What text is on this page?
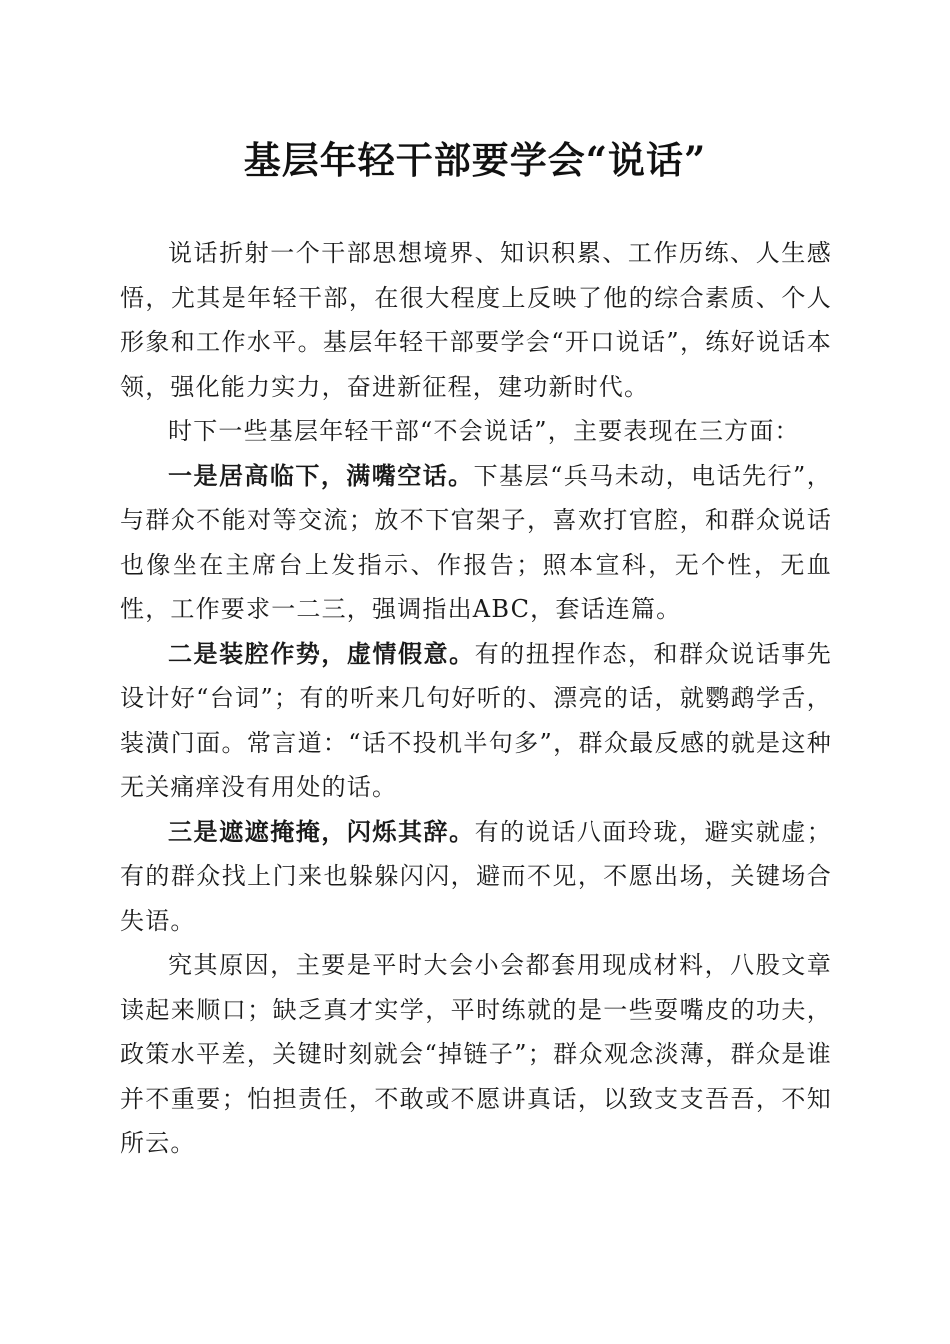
基层年轻干部要学会“说话”

说话折射一个干部思想境界、知识积累、工作历练、人生感悟，尤其是年轻干部，在很大程度上反映了他的综合素质、个人形象和工作水平。基层年轻干部要学会“开口说话”，练好说话本领，强化能力实力，奋进新征程，建功新时代。

时下一些基层年轻干部“不会说话”，主要表现在三方面：

一是居高临下，满嘴空话。下基层“兵马未动，电话先行”，与群众不能对等交流；放不下官架子，喜欢打官腔，和群众说话也像坐在主席台上发指示、作报告；照本宣科，无个性，无血性，工作要求一二三，强调指出ABC，套话连篇。

二是装腔作势，虚情假意。有的扭捏作态，和群众说话事先设计好“台词”；有的听来几句好听的、漂亮的话，就鹦鹉学舌，装潢门面。常言道：“话不投机半句多”，群众最反感的就是这种无关痛痒没有用处的话。

三是遮遮掩掩，闪烁其辞。有的说话八面玲珑，避实就虚；有的群众找上门来也躲躲闪闪，避而不见，不愿出场，关键场合失语。

究其原因，主要是平时大会小会都套用现成材料，八股文章读起来顺口；缺乏真才实学，平时练就的是一些耍嘴皮的功夫，政策水平差，关键时刻就会“掉链子”；群众观念淡薄，群众是谁并不重要；怕担责任，不敢或不愿讲真话，以致支支吾吾，不知所云。
